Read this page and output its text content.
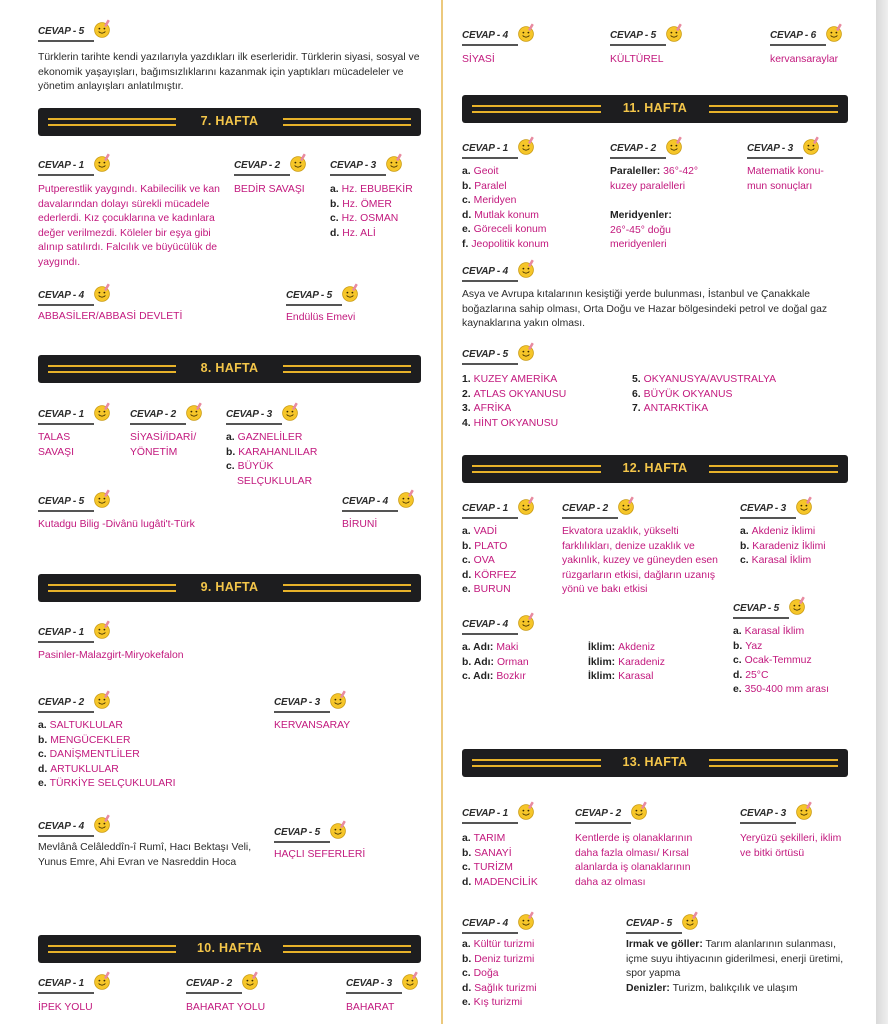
CEVAP - 5

Türklerin tarihte kendi yazılarıyla yazdıkları ilk eserleridir. Türklerin siyasi, sosyal ve ekonomik yaşayışları, bağımsızlıklarını kazanmak için yaptıkları mücadeleler ve yönetim anlayışları anlatılmıştır.

7. HAFTA
CEVAP - 1

Putperestlik yaygındı. Kabilecilik ve kan davalarından dolayı sürekli mücadele ederlerdi. Kız çocuklarına ve kadınlara değer verilmezdi. Köleler bir eşya gibi alınıp satılırdı. Falcılık ve büyücülük de yaygındı.

CEVAP - 2

BEDİR SAVAŞI

CEVAP - 3
a. Hz. EBUBEKİR
b. Hz. ÖMER
c. Hz. OSMAN
d. Hz. ALİ
CEVAP - 4

ABBASİLER/ABBASİ DEVLETİ

CEVAP - 5

Endülüs Emevi

8. HAFTA
CEVAP - 1
TALAS
SAVAŞI
CEVAP - 2
SİYASİ/İDARİ/
YÖNETİM
CEVAP - 3
a. GAZNELİLER
b. KARAHANLILAR
c. BÜYÜK
SELÇUKLULAR
CEVAP - 5

Kutadgu Bilig -Divânü lugâti't-Türk

CEVAP - 4

BİRUNİ

9. HAFTA
CEVAP - 1

Pasinler-Malazgirt-Miryokefalon

CEVAP - 2
a. SALTUKLULAR
b. MENGÜCEKLER
c. DANİŞMENTLİLER
d. ARTUKLULAR
e. TÜRKİYE SELÇUKLULARI
CEVAP - 3

KERVANSARAY

CEVAP - 4

Mevlânâ Celâleddîn-î Rumî, Hacı Bektaşı Veli, Yunus Emre, Ahi Evran ve Nasreddin Hoca

CEVAP - 5

HAÇLI SEFERLERİ

10. HAFTA
CEVAP - 1

İPEK YOLU

CEVAP - 2

BAHARAT YOLU

CEVAP - 3

BAHARAT

CEVAP - 4

SİYASİ

CEVAP - 5

KÜLTÜREL

CEVAP - 6

kervansaraylar

11. HAFTA
CEVAP - 1
a. Geoit
b. Paralel
c. Meridyen
d. Mutlak konum
e. Göreceli konum
f. Jeopolitik konum
CEVAP - 2
Paraleller: 36°-42°
kuzey paralelleri
Meridyenler:
26°-45° doğu
meridyenleri
CEVAP - 3
Matematik konu-
mun sonuçları
CEVAP - 4

Asya ve Avrupa kıtalarının kesiştiği yerde bulunması, İstanbul ve Çanakkale boğazlarına sahip olması, Orta Doğu ve Hazar bölgesindeki petrol ve doğal gaz kaynaklarına yakın olması.

CEVAP - 5
1. KUZEY AMERİKA
2. ATLAS OKYANUSU
3. AFRİKA
4. HİNT OKYANUSU
5. OKYANUSYA/AVUSTRALYA
6. BÜYÜK OKYANUS
7. ANTARKTİKA
12. HAFTA
CEVAP - 1
a. VADİ
b. PLATO
c. OVA
d. KÖRFEZ
e. BURUN
CEVAP - 2

Ekvatora uzaklık, yükselti farklılıkları, denize uzaklık ve yakınlık, kuzey ve güneyden esen rüzgarların etkisi, dağların uzanış yönü ve bakı etkisi

CEVAP - 3
a. Akdeniz İklimi
b. Karadeniz İklimi
c. Karasal İklim
CEVAP - 4
a. Adı: Maki
b. Adı: Orman
c. Adı: Bozkır
İklim: Akdeniz
İklim: Karadeniz
İklim: Karasal
CEVAP - 5
a. Karasal İklim
b. Yaz
c. Ocak-Temmuz
d. 25°C
e. 350-400 mm arası
13. HAFTA
CEVAP - 1
a. TARIM
b. SANAYİ
c. TURİZM
d. MADENCİLİK
CEVAP - 2

Kentlerde iş olanaklarının daha fazla olması/ Kırsal alanlarda iş olanaklarının daha az olması

CEVAP - 3

Yeryüzü şekilleri, iklim ve bitki örtüsü

CEVAP - 4
a. Kültür turizmi
b. Deniz turizmi
c. Doğa
d. Sağlık turizmi
e. Kış turizmi
CEVAP - 5

Irmak ve göller: Tarım alanlarının sulanması, içme suyu ihtiyacının giderilmesi, enerji üretimi, spor yapma
Denizler: Turizm, balıkçılık ve ulaşım
